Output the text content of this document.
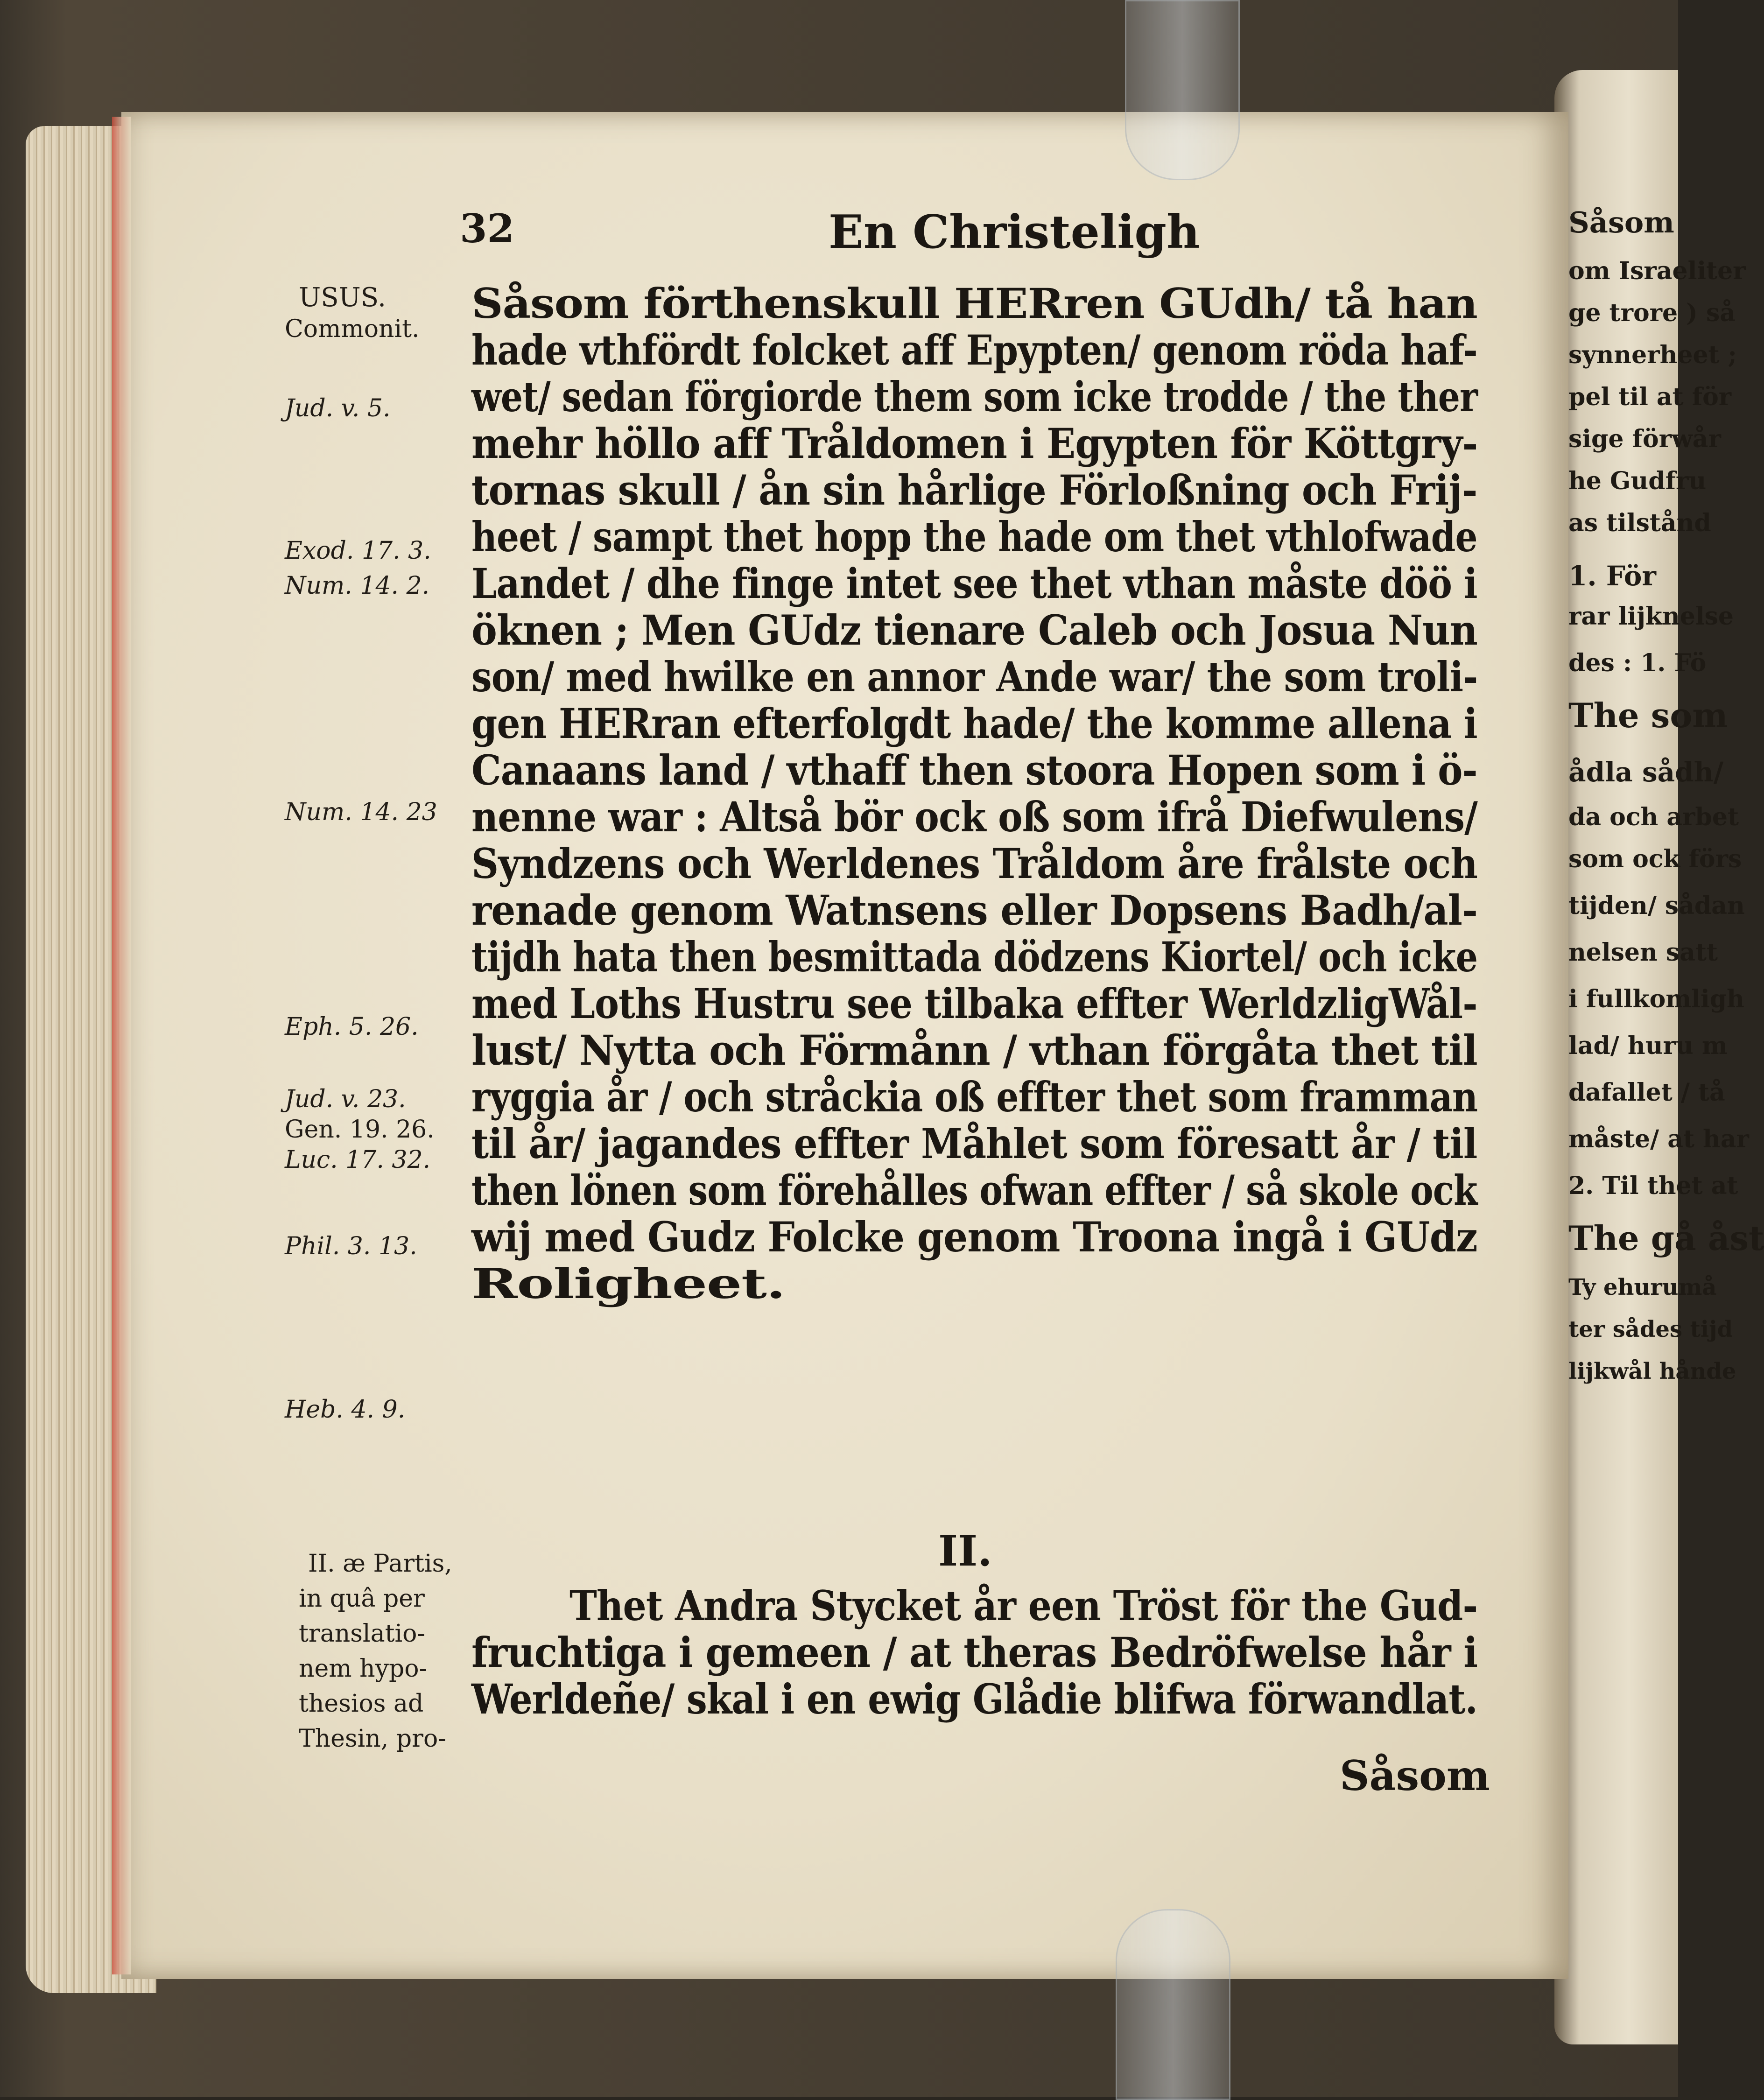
Såsom
om Israeliter
ge trore ) så
synnerheet ;
pel til at för
sige förwår
he Gudfru
as tilstånd
1. För
rar lijknelse
des : 1. Fö
The som
ådla sådh/
da och arbet
som ock förs
tijden/ sådan
nelsen satt
i fullkomligh
lad/ huru m
dafallet / tå
måste/ at har
2. Til thet at
The gå åst
Ty ehurumå
ter sådes tijd
lijkwål hånde
32	En Christeligh
Såsom förthenskull HERren GUdh/ tå han
hade vthfördt folcket aff Epypten/ genom röda haf-
wet/ sedan förgiorde them som icke trodde / the ther
mehr höllo aff Tråldomen i Egypten för Köttgry-
tornas skull / ån sin hårlige Förloßning och Frij-
heet / sampt thet hopp the hade om thet vthlofwade
Landet / dhe finge intet see thet vthan måste döö i
öknen ; Men GUdz tienare Caleb och Josua Nun
son/ med hwilke en annor Ande war/ the som troli-
gen HERran efterfolgdt hade/ the komme allena i
Canaans land / vthaff then stoora Hopen som i ö-
nenne war : Altså bör ock oß som ifrå Diefwulens/
Syndzens och Werldenes Tråldom åre frålste och
renade genom Watnsens eller Dopsens Badh/al-
tijdh hata then besmittada dödzens Kiortel/ och icke
med Loths Hustru see tilbaka effter WerldzligWål-
lust/ Nytta och Förmånn / vthan förgåta thet til
ryggia år / och stråckia oß effter thet som framman
til år/ jagandes effter Måhlet som föresatt år / til
then lönen som förehålles ofwan effter / så skole ock
wij med Gudz Folcke genom Troona ingå i GUdz
Roligheet.
II.
Thet Andra Stycket år een Tröst för the Gud-
fruchtiga i gemeen / at theras Bedröfwelse hår i
Werldeñe/ skal i en ewig Glådie blifwa förwandlat.
Såsom
USUS.
Commonit.
Jud. v. 5.
Exod. 17. 3.
Num. 14. 2.
Num. 14. 23
Eph. 5. 26.
Jud. v. 23.
Gen. 19. 26.
Luc. 17. 32.
Phil. 3. 13.
Heb. 4. 9.
II. æ Partis,
in quâ per
translatio-
nem hypo-
thesios ad
Thesin, pro-
